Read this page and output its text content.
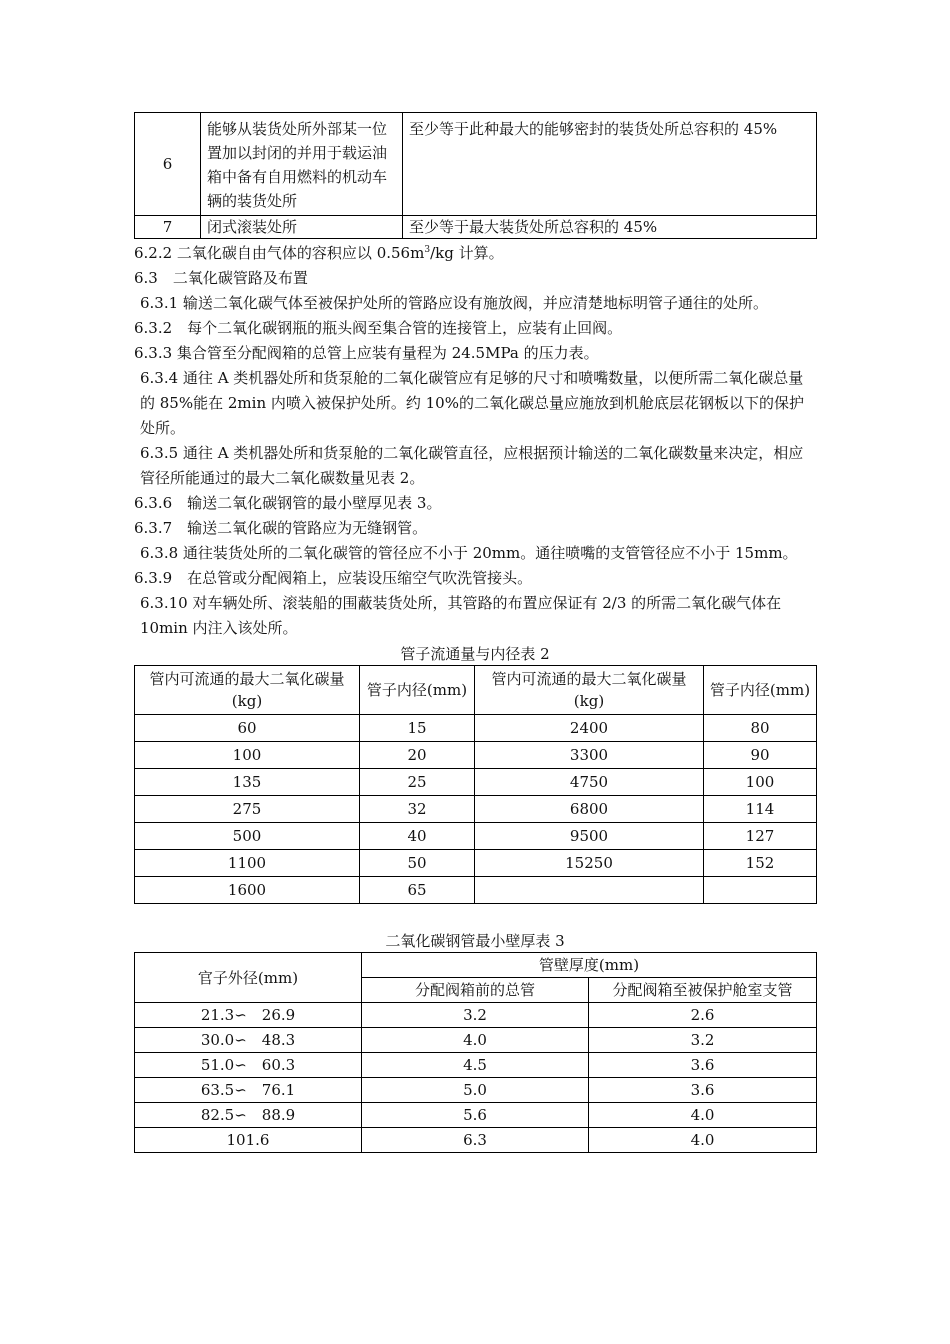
6	能够从装货处所外部某一位置加以封闭的并用于载运油箱中备有自用燃料的机动车辆的装货处所	至少等于此种最大的能够密封的装货处所总容积的 45%
7	闭式滚装处所	至少等于最大装货处所总容积的 45%

6.2.2 二氧化碳自由气体的容积应以 $0.56m^3/kg$ 计算。

6.3　二氧化碳管路及布置

6.3.1 输送二氧化碳气体至被保护处所的管路应设有施放阀，并应清楚地标明管子通往的处所。

6.3.2　每个二氧化碳钢瓶的瓶头阀至集合管的连接管上，应装有止回阀。

6.3.3 集合管至分配阀箱的总管上应装有量程为 24.5MPa 的压力表。

6.3.4 通往 A 类机器处所和货泵舱的二氧化碳管应有足够的尺寸和喷嘴数量，以便所需二氧化碳总量的 85%能在 2min 内喷入被保护处所。约 10%的二氧化碳总量应施放到机舱底层花钢板以下的保护处所。

6.3.5 通往 A 类机器处所和货泵舱的二氧化碳管直径，应根据预计输送的二氧化碳数量来决定，相应管径所能通过的最大二氧化碳数量见表 2。

6.3.6　输送二氧化碳钢管的最小壁厚见表 3。

6.3.7　输送二氧化碳的管路应为无缝钢管。

6.3.8 通往装货处所的二氧化碳管的管径应不小于 20mm。通往喷嘴的支管管径应不小于 15mm。

6.3.9　在总管或分配阀箱上，应装设压缩空气吹洗管接头。

6.3.10 对车辆处所、滚装船的围蔽装货处所，其管路的布置应保证有 2/3 的所需二氧化碳气体在 10min 内注入该处所。

管子流通量与内径表 2

管内可流通的最大二氧化碳量(kg)	管子内径(mm)	管内可流通的最大二氧化碳量(kg)	管子内径(mm)
60	15	2400	80
100	20	3300	90
135	25	4750	100
275	32	6800	114
500	40	9500	127
1100	50	15250	152
1600	65		

二氧化碳钢管最小壁厚表 3

官子外径(mm)	管壁厚度(mm)	
	分配阀箱前的总管	分配阀箱至被保护舱室支管
21.3∽　26.9	3.2	2.6
30.0∽　48.3	4.0	3.2
51.0∽　60.3	4.5	3.6
63.5∽　76.1	5.0	3.6
82.5∽　88.9	5.6	4.0
101.6	6.3	4.0
